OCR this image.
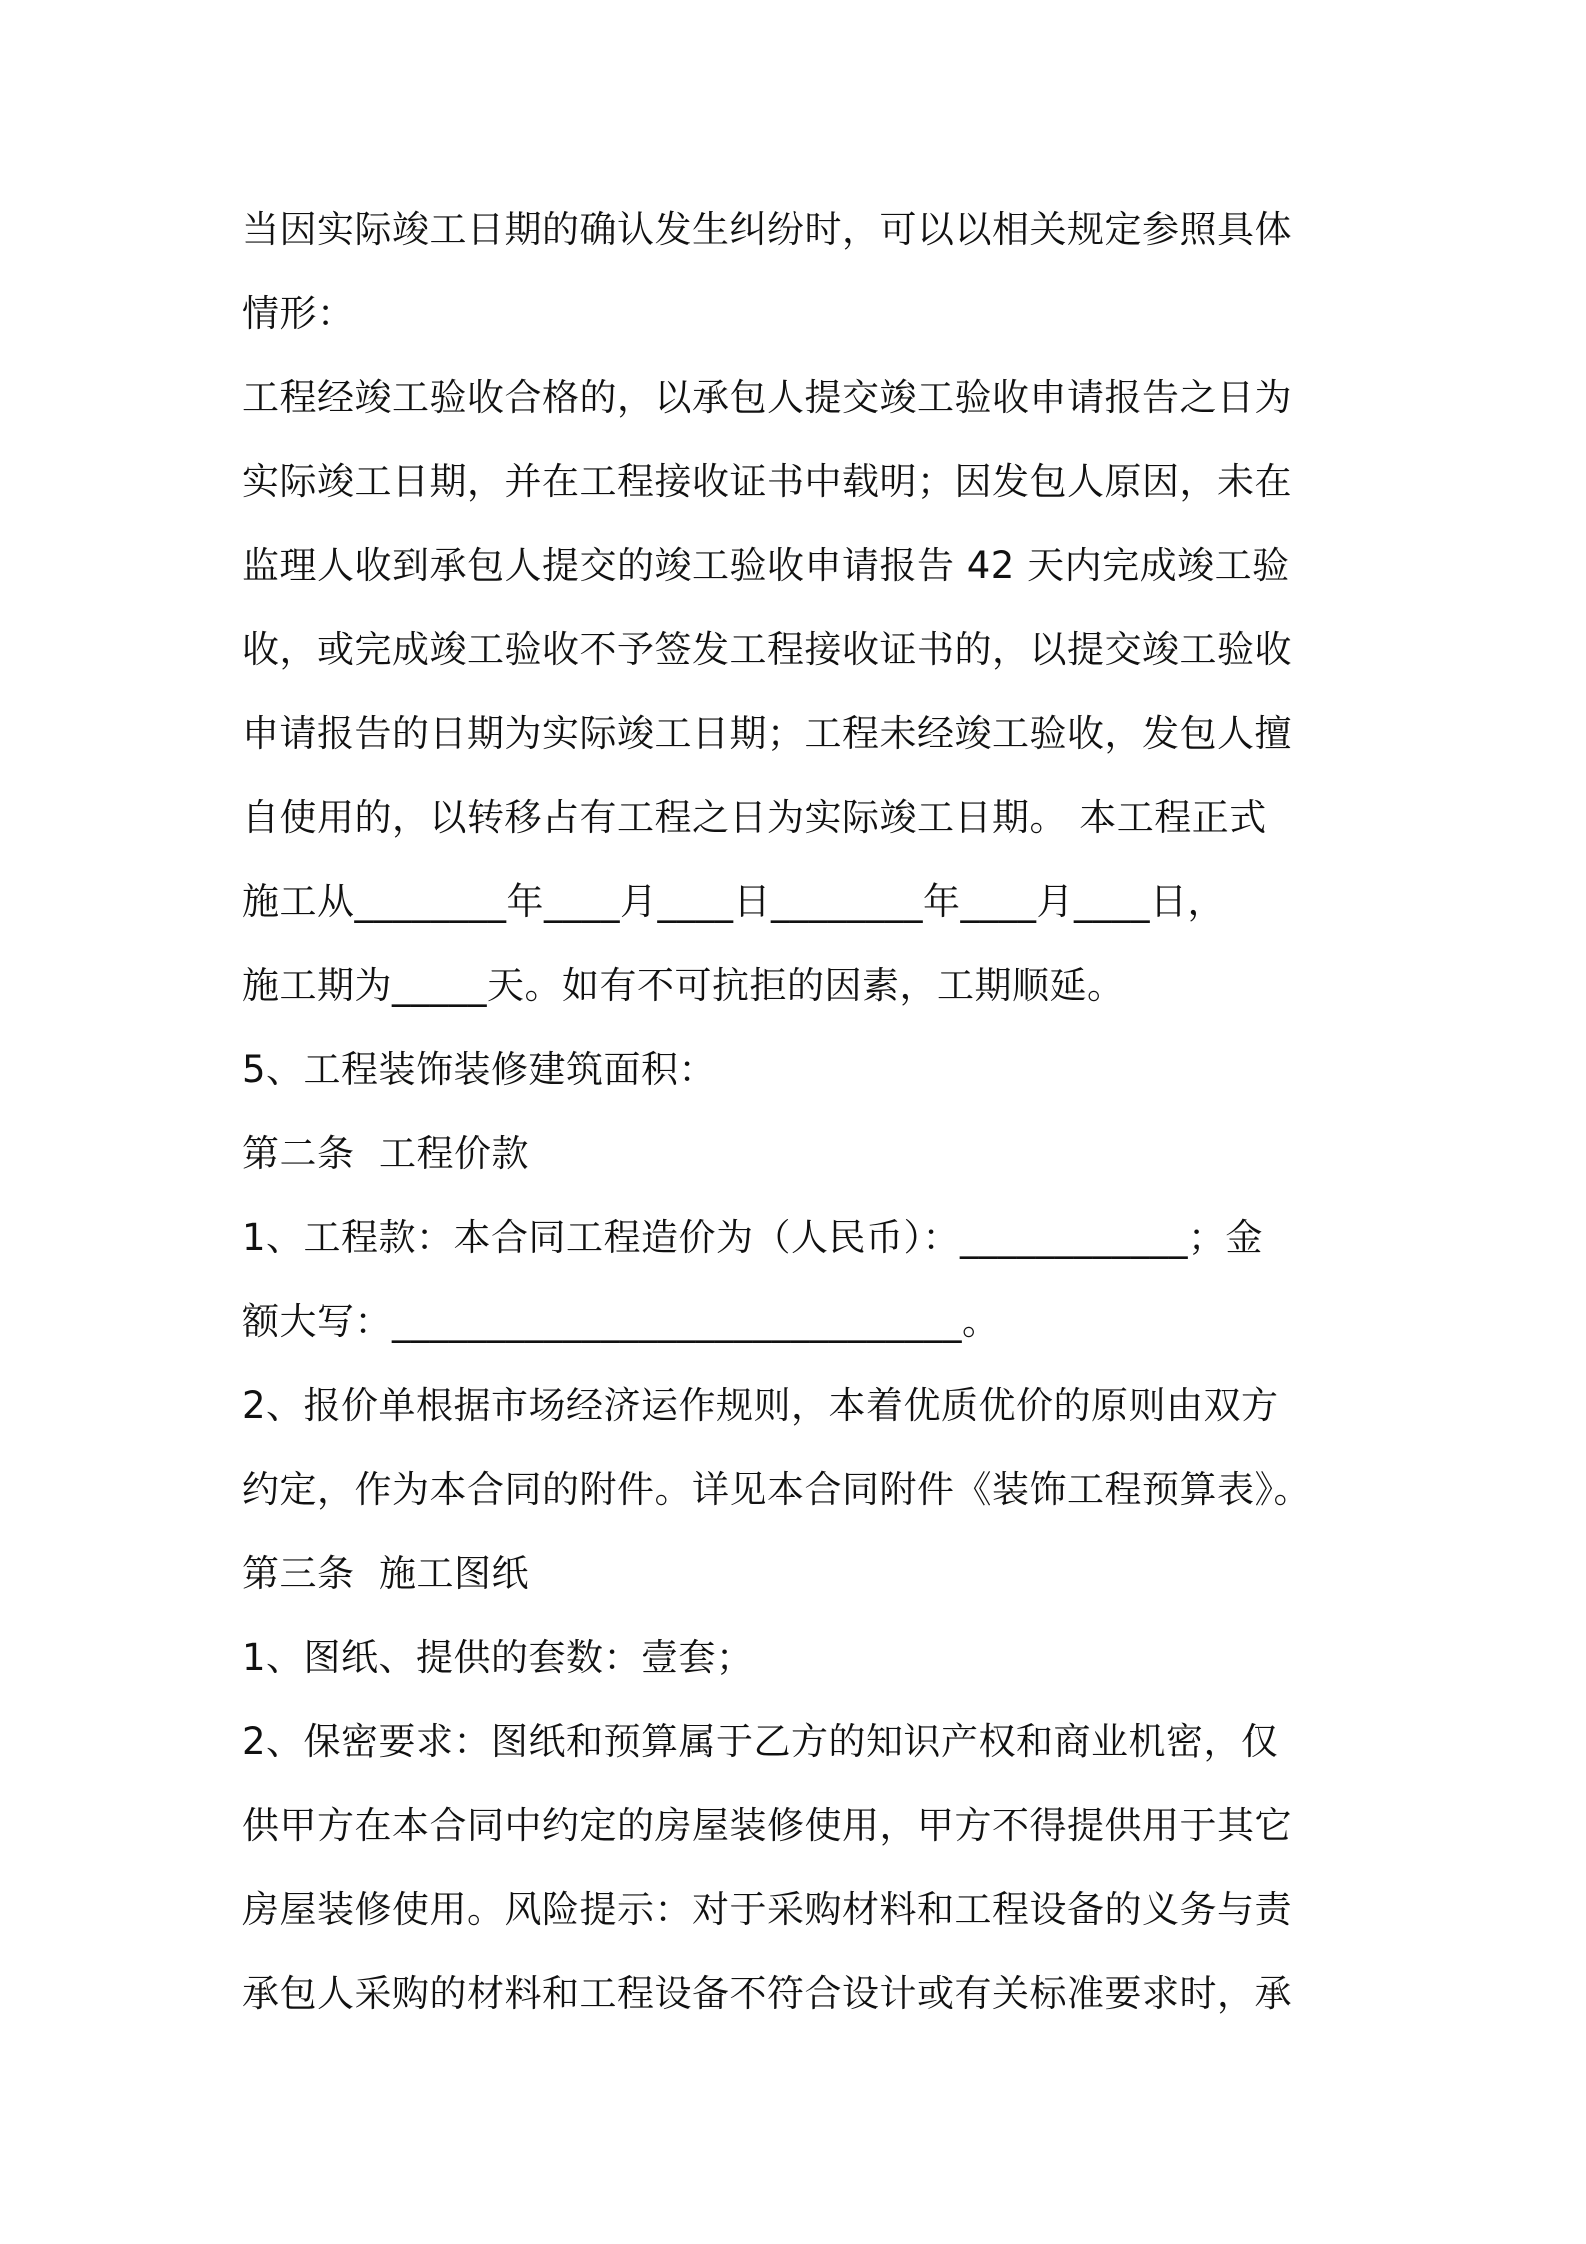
当因实际竣工日期的确认发生纠纷时，可以以相关规定参照具体
情形：
工程经竣工验收合格的，以承包人提交竣工验收申请报告之日为
实际竣工日期，并在工程接收证书中载明；因发包人原因，未在
监理人收到承包人提交的竣工验收申请报告 42 天内完成竣工验
收，或完成竣工验收不予签发工程接收证书的，以提交竣工验收
申请报告的日期为实际竣工日期；工程未经竣工验收，发包人擅
自使用的，以转移占有工程之日为实际竣工日期。 本工程正式
施工从________年____月____日________年____月____日，
施工期为_____天。如有不可抗拒的因素，工期顺延。
5、工程装饰装修建筑面积：
第二条  工程价款
1、工程款：本合同工程造价为（人民币）：____________；金
额大写：______________________________。
2、报价单根据市场经济运作规则，本着优质优价的原则由双方
约定，作为本合同的附件。详见本合同附件《装饰工程预算表》。
第三条  施工图纸
1、图纸、提供的套数：壹套；
2、保密要求：图纸和预算属于乙方的知识产权和商业机密，仅
供甲方在本合同中约定的房屋装修使用，甲方不得提供用于其它
房屋装修使用。风险提示：对于采购材料和工程设备的义务与责
承包人采购的材料和工程设备不符合设计或有关标准要求时，承
